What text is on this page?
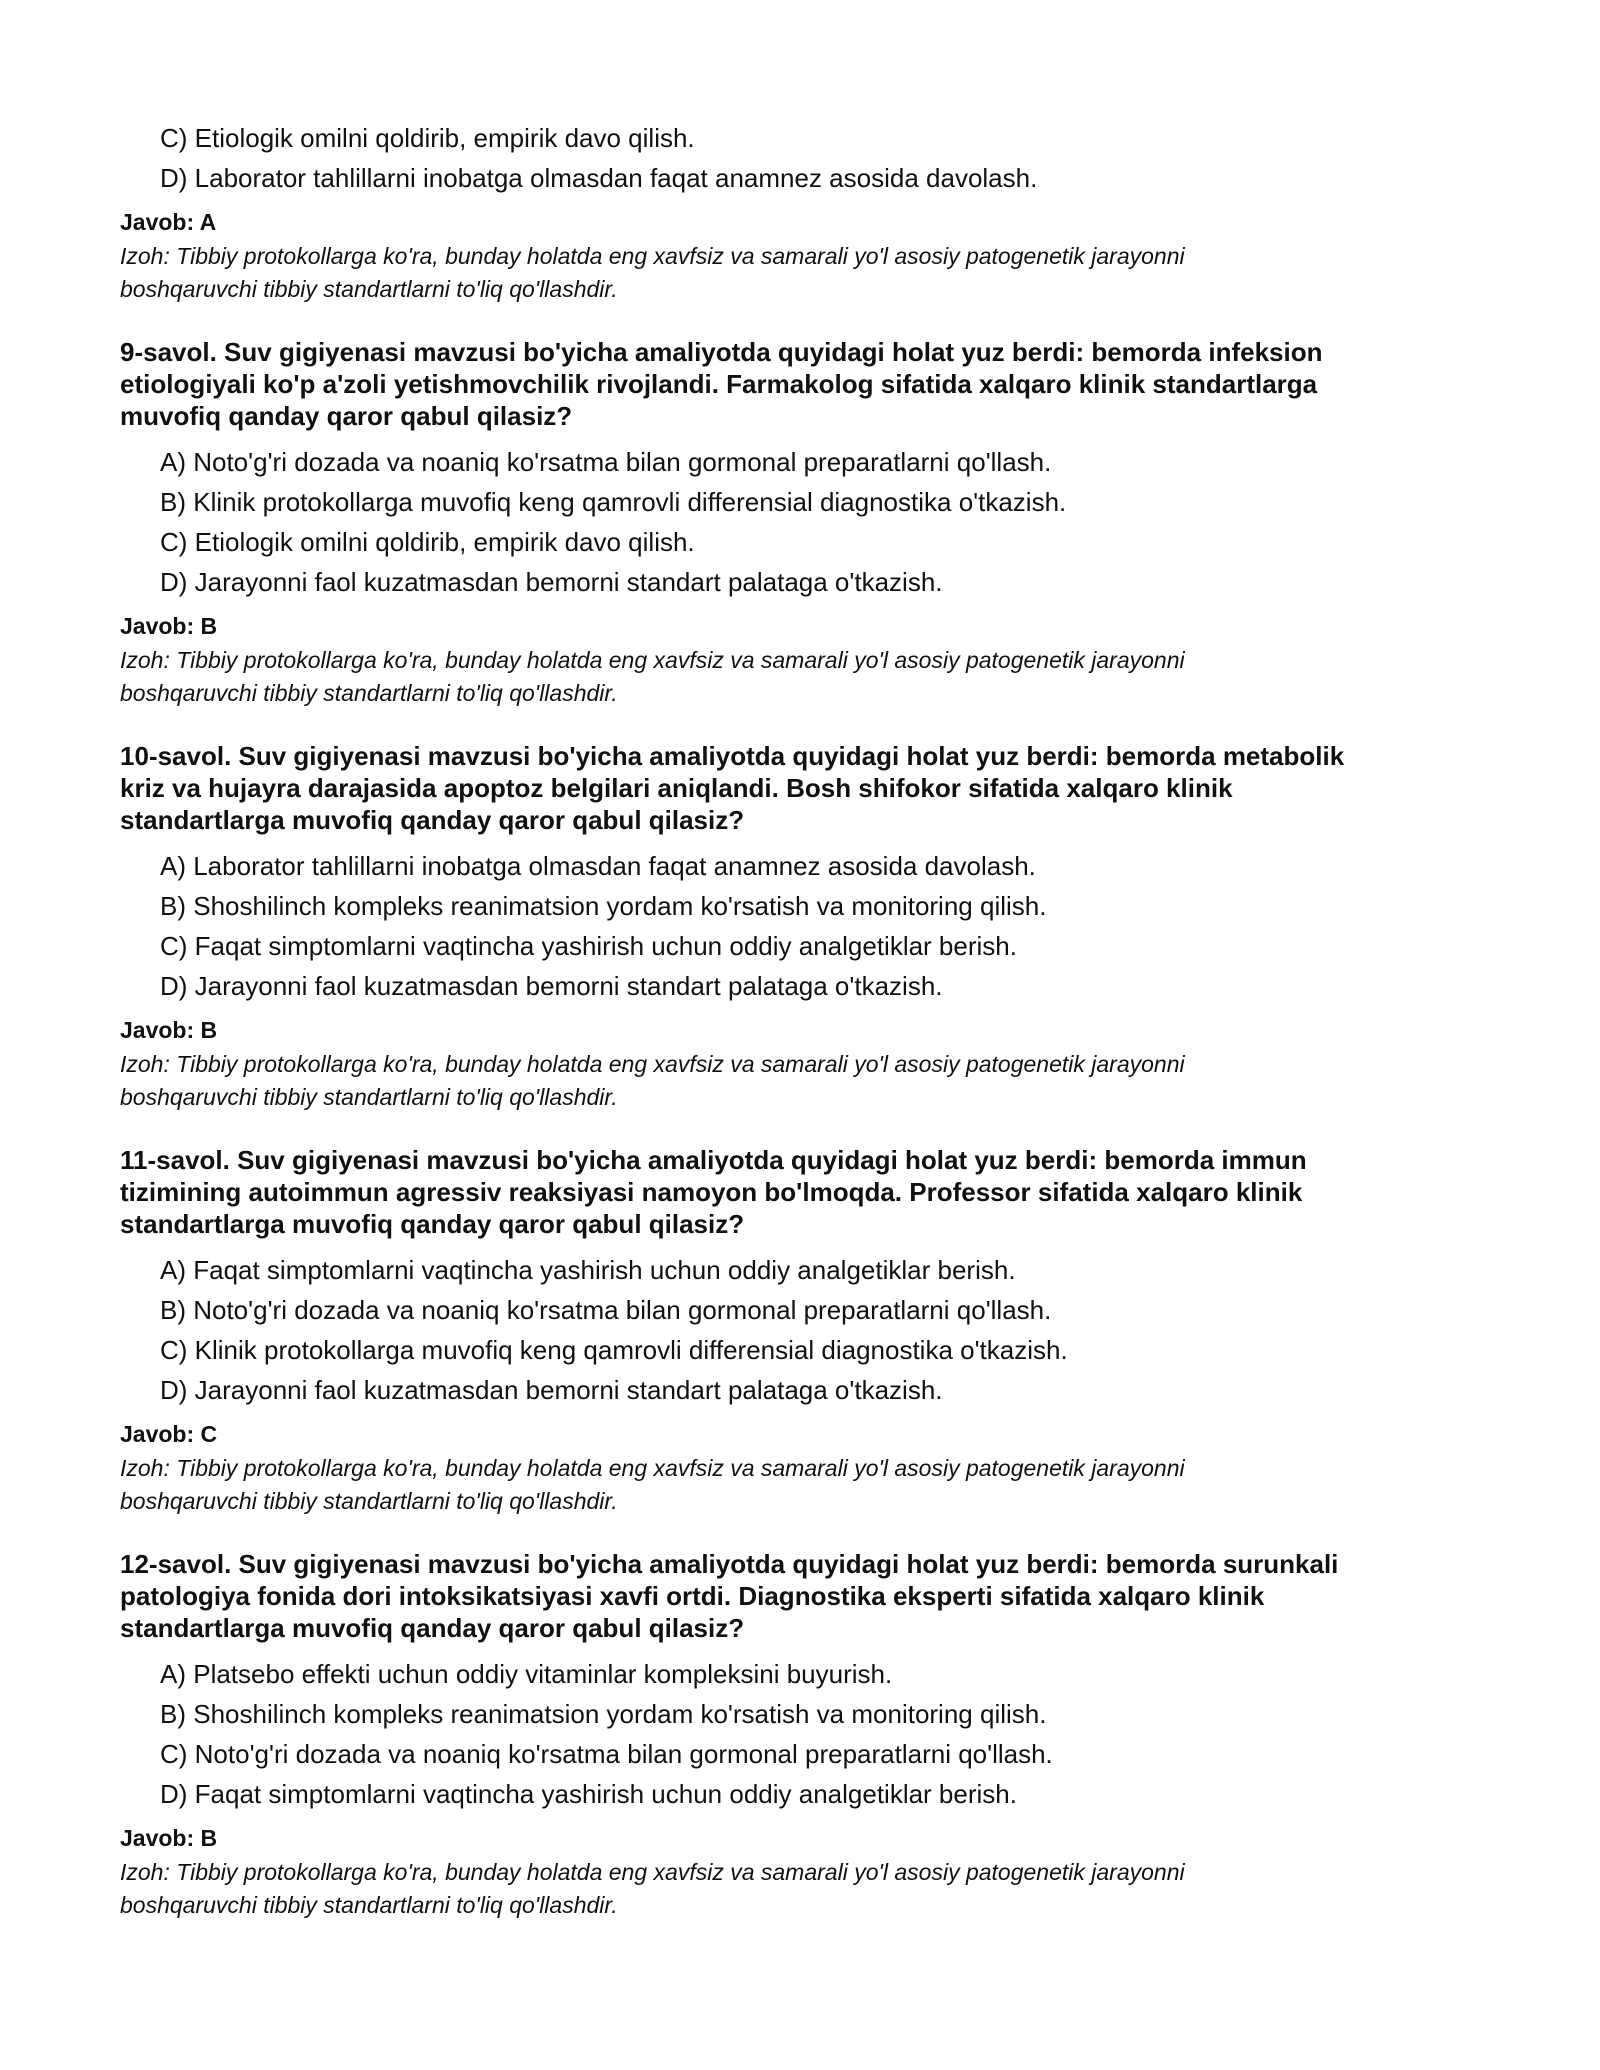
C) Etiologik omilni qoldirib, empirik davo qilish.

D) Laborator tahlillarni inobatga olmasdan faqat anamnez asosida davolash.

Javob: A

Izoh: Tibbiy protokollarga ko'ra, bunday holatda eng xavfsiz va samarali yo'l asosiy patogenetik jarayonni
boshqaruvchi tibbiy standartlarni to'liq qo'llashdir.
9-savol. Suv gigiyenasi mavzusi bo'yicha amaliyotda quyidagi holat yuz berdi: bemorda infeksion
etiologiyali ko'p a'zoli yetishmovchilik rivojlandi. Farmakolog sifatida xalqaro klinik standartlarga
muvofiq qanday qaror qabul qilasiz?

A) Noto'g'ri dozada va noaniq ko'rsatma bilan gormonal preparatlarni qo'llash.

B) Klinik protokollarga muvofiq keng qamrovli differensial diagnostika o'tkazish.

C) Etiologik omilni qoldirib, empirik davo qilish.

D) Jarayonni faol kuzatmasdan bemorni standart palataga o'tkazish.

Javob: B

Izoh: Tibbiy protokollarga ko'ra, bunday holatda eng xavfsiz va samarali yo'l asosiy patogenetik jarayonni
boshqaruvchi tibbiy standartlarni to'liq qo'llashdir.
10-savol. Suv gigiyenasi mavzusi bo'yicha amaliyotda quyidagi holat yuz berdi: bemorda metabolik
kriz va hujayra darajasida apoptoz belgilari aniqlandi. Bosh shifokor sifatida xalqaro klinik
standartlarga muvofiq qanday qaror qabul qilasiz?

A) Laborator tahlillarni inobatga olmasdan faqat anamnez asosida davolash.

B) Shoshilinch kompleks reanimatsion yordam ko'rsatish va monitoring qilish.

C) Faqat simptomlarni vaqtincha yashirish uchun oddiy analgetiklar berish.

D) Jarayonni faol kuzatmasdan bemorni standart palataga o'tkazish.

Javob: B

Izoh: Tibbiy protokollarga ko'ra, bunday holatda eng xavfsiz va samarali yo'l asosiy patogenetik jarayonni
boshqaruvchi tibbiy standartlarni to'liq qo'llashdir.
11-savol. Suv gigiyenasi mavzusi bo'yicha amaliyotda quyidagi holat yuz berdi: bemorda immun
tizimining autoimmun agressiv reaksiyasi namoyon bo'lmoqda. Professor sifatida xalqaro klinik
standartlarga muvofiq qanday qaror qabul qilasiz?

A) Faqat simptomlarni vaqtincha yashirish uchun oddiy analgetiklar berish.

B) Noto'g'ri dozada va noaniq ko'rsatma bilan gormonal preparatlarni qo'llash.

C) Klinik protokollarga muvofiq keng qamrovli differensial diagnostika o'tkazish.

D) Jarayonni faol kuzatmasdan bemorni standart palataga o'tkazish.

Javob: C

Izoh: Tibbiy protokollarga ko'ra, bunday holatda eng xavfsiz va samarali yo'l asosiy patogenetik jarayonni
boshqaruvchi tibbiy standartlarni to'liq qo'llashdir.
12-savol. Suv gigiyenasi mavzusi bo'yicha amaliyotda quyidagi holat yuz berdi: bemorda surunkali
patologiya fonida dori intoksikatsiyasi xavfi ortdi. Diagnostika eksperti sifatida xalqaro klinik
standartlarga muvofiq qanday qaror qabul qilasiz?

A) Platsebo effekti uchun oddiy vitaminlar kompleksini buyurish.

B) Shoshilinch kompleks reanimatsion yordam ko'rsatish va monitoring qilish.

C) Noto'g'ri dozada va noaniq ko'rsatma bilan gormonal preparatlarni qo'llash.

D) Faqat simptomlarni vaqtincha yashirish uchun oddiy analgetiklar berish.

Javob: B

Izoh: Tibbiy protokollarga ko'ra, bunday holatda eng xavfsiz va samarali yo'l asosiy patogenetik jarayonni
boshqaruvchi tibbiy standartlarni to'liq qo'llashdir.
